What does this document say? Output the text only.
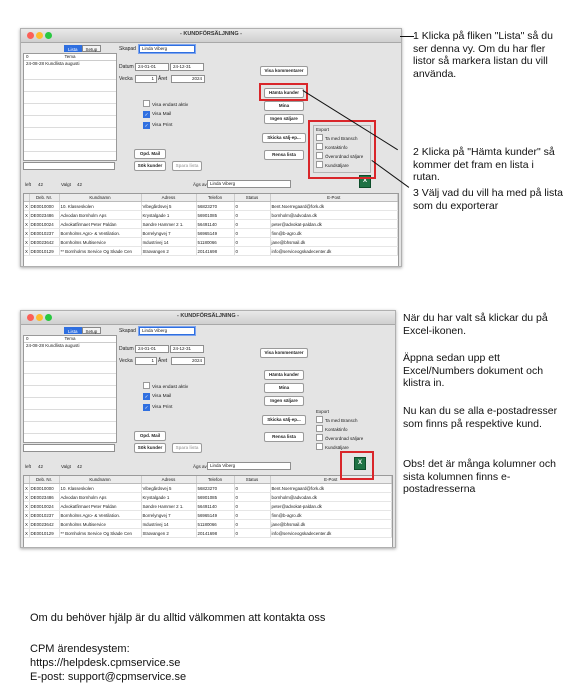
- KUNDFÖRSÄLJNING -
Lista	Setup
0	Tema
24-08-28 Kundlista augusti
Skapad	Linda Viberg
Datum 24-01-01	24-12-31
Vecka	1 Året	2024
Visa endast aktiv
✓Visa Mail
✓Visa Print
Opd. Mail
Sök kunder	Spara lista
Visa kommentarer
Hämta kunder
Mina
Ingen säljare
Skicka sälj-ep...
Rensa lista
Export
Ta med Bransch
Kontaktinfo
Överordnad säljare
Kundsäljare
left 42	Valgt 42	Ägs av Linda Viberg	X
	Deb. Nr.	Kundnamn	Adress	Telefon	Status	E-Post
X	DE0010000	10. Klasseskolen	Vibegårdsvej 5	56823270	0	Bent.Noerregaard@fork.dk
X	DE0023486	Advodan Bornholm Aps	Krystalgade 1	56901085	0	bornholm@advodan.dk
X	DE0010024	Advokatfirmaet Peter Paldan	Søndre Hammer 2 1.	56491140	0	peter@advokat-paldan.dk
X	DE0010237	Bornholms Agro- & Ventilation.	Borrelyngvej 7	56965149	0	finn@b-agro.dk
X	DE0023642	Bornholms Multiservice	Industrivej 14	51180066	0	jane@bhsmail.dk
X	DE0010129	** Bornholms Service Og Skade Cen	Strøvangen 2	20141698	0	info@serviceogskadecenter.dk
1 Klicka på fliken "Lista" så du ser denna vy. Om du har fler listor så markera listan du vill använda.
2 Klicka på "Hämta kunder" så kommer det fram en lista i rutan.
3 Välj vad du vill ha med på lista som du exporterar
- KUNDFÖRSÄLJNING -
Lista	Setup
0	Tema
24-08-28 Kundlista augusti
Skapad	Linda Viberg
Datum 24-01-01	24-12-31
Vecka	1 Året	2024
Visa endast aktiv
✓Visa Mail
✓Visa Print
Opd. Mail
Sök kunder	Spara lista
Visa kommentarer
Hämta kunder
Mina
Ingen säljare
Skicka sälj-ep...
Rensa lista
Export
Ta med Bransch
Kontaktinfo
Överordnad säljare
Kundsäljare
left 42	Valgt 42	Ägs av Linda Viberg	X
	Deb. Nr.	Kundnamn	Adress	Telefon	Status	E-Post
X	DE0010000	10. Klasseskolen	Vibegårdsvej 5	56823270	0	Bent.Noerregaard@fork.dk
X	DE0023486	Advodan Bornholm Aps	Krystalgade 1	56901085	0	bornholm@advodan.dk
X	DE0010024	Advokatfirmaet Peter Paldan	Søndre Hammer 2 1.	56491140	0	peter@advokat-paldan.dk
X	DE0010237	Bornholms Agro- & Ventilation.	Borrelyngvej 7	56965149	0	finn@b-agro.dk
X	DE0023642	Bornholms Multiservice	Industrivej 14	51180066	0	jane@bhsmail.dk
X	DE0010129	** Bornholms Service Og Skade Cen	Strøvangen 2	20141698	0	info@serviceogskadecenter.dk
När du har valt så klickar du på Excel-ikonen.
Äppna sedan upp ett Excel/Numbers dokument och klistra in.
Nu kan du se alla e-postadresser som finns på respektive kund.
Obs! det är många kolumner och sista kolumnen finns e-postadresserna
Om du behöver hjälp är du alltid välkommen att kontakta oss
CPM ärendesystem:
https://helpdesk.cpmservice.se
E-post: support@cpmservice.se
